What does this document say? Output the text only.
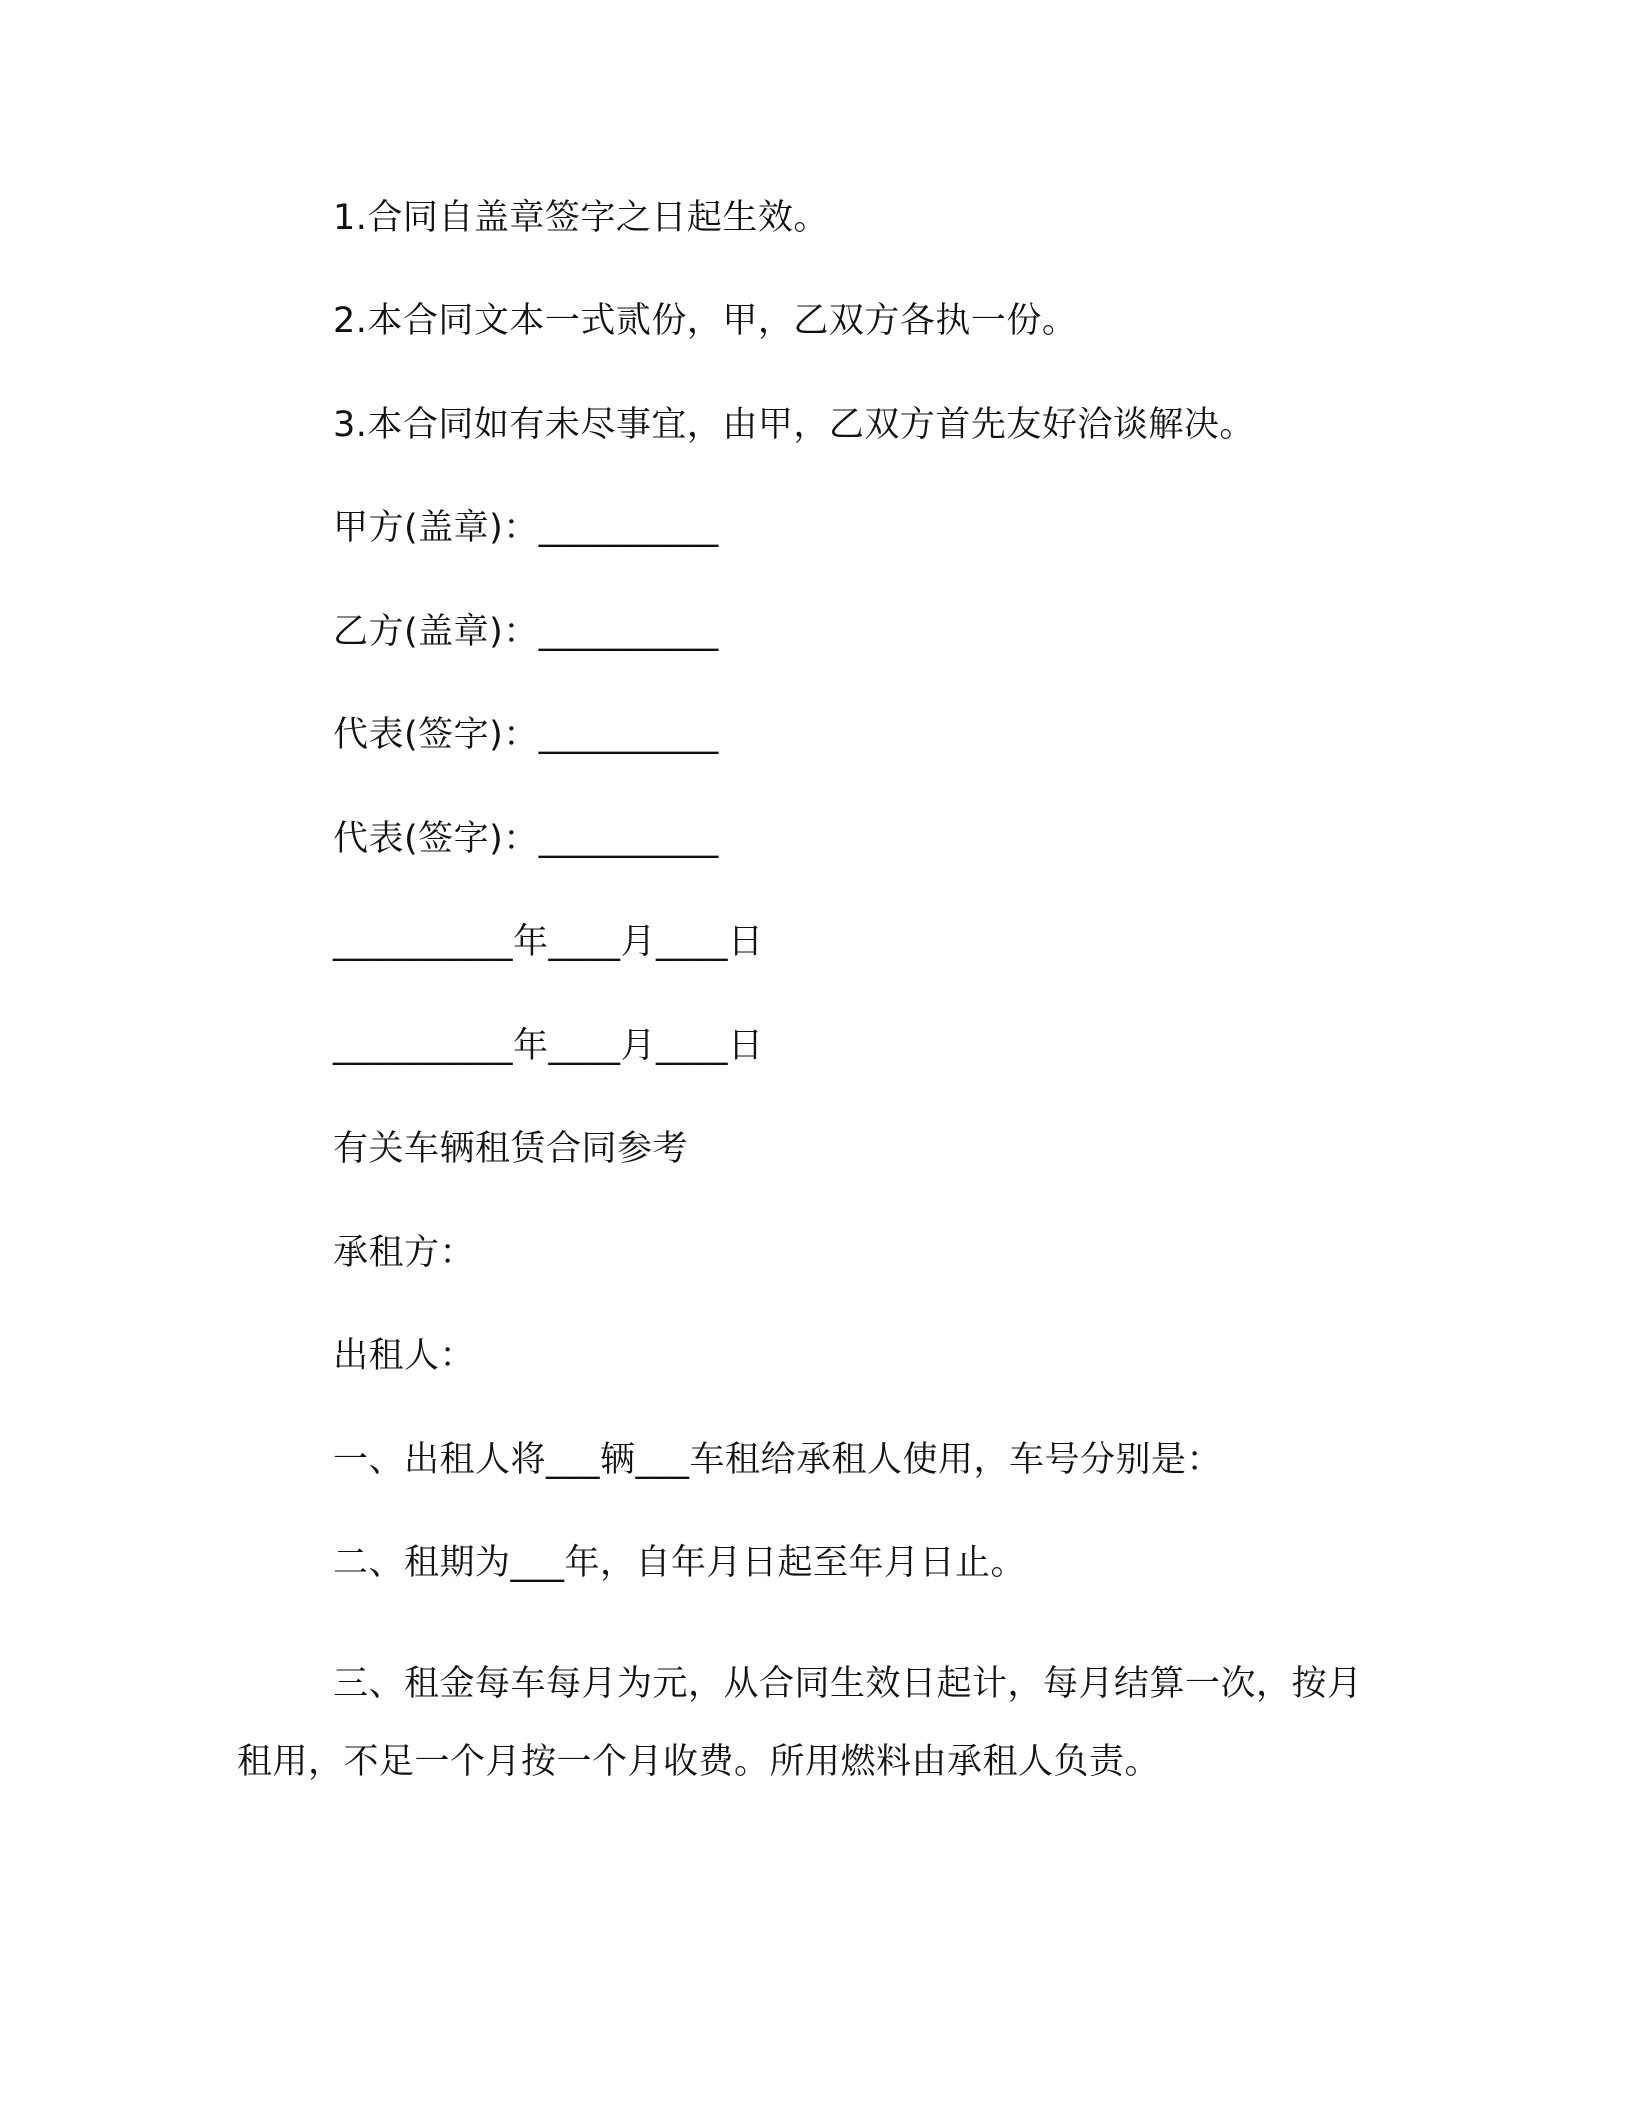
1.合同自盖章签字之日起生效。
2.本合同文本一式贰份，甲，乙双方各执一份。
3.本合同如有未尽事宜，由甲，乙双方首先友好洽谈解决。
甲方(盖章)：__________
乙方(盖章)：__________
代表(签字)：__________
代表(签字)：__________
__________年____月____日
__________年____月____日
有关车辆租赁合同参考
承租方：
出租人：
一、出租人将___辆___车租给承租人使用，车号分别是：
二、租期为___年，自年月日起至年月日止。
三、租金每车每月为元，从合同生效日起计，每月结算一次，按月租用，不足一个月按一个月收费。所用燃料由承租人负责。
